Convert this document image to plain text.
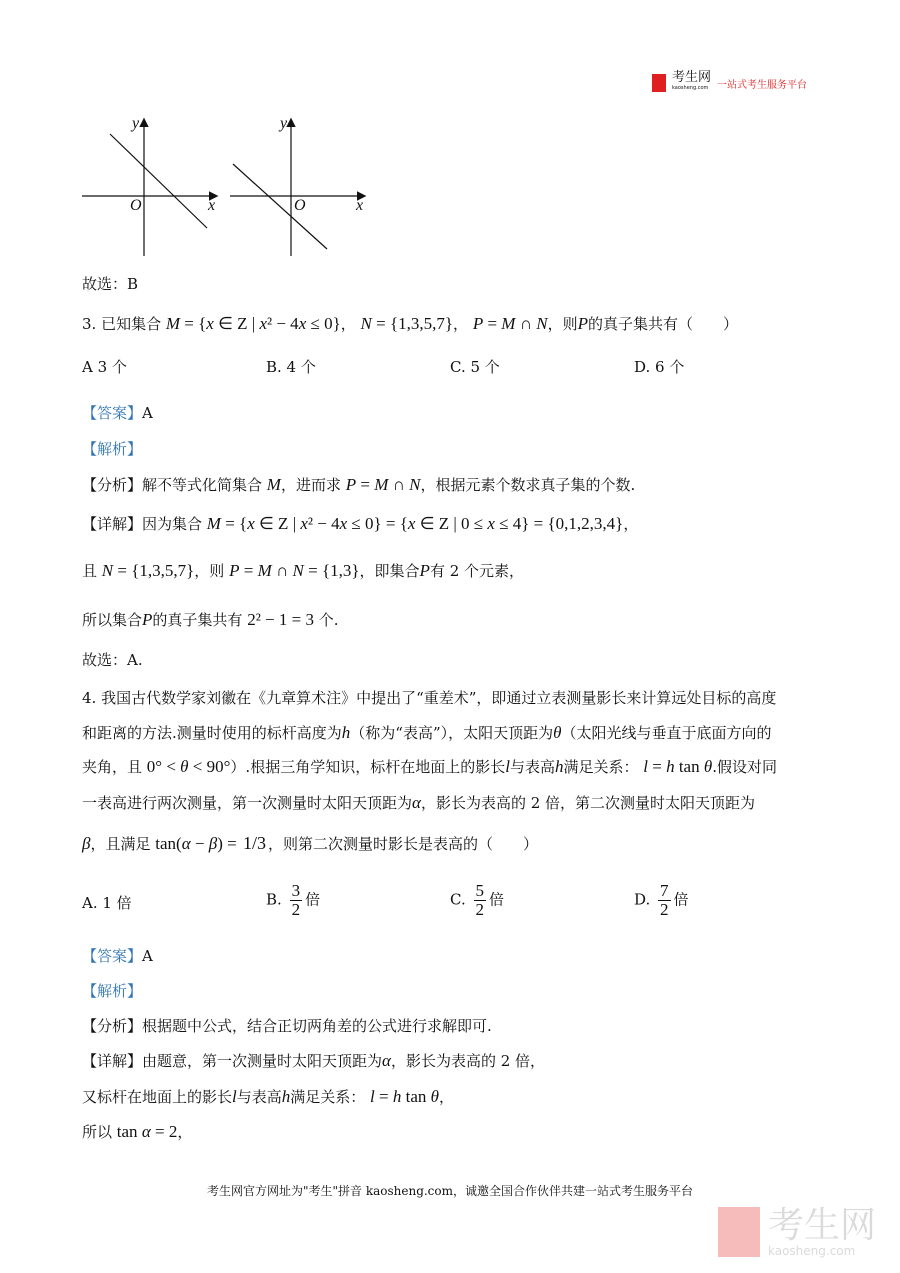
考生网
kaosheng.com 一站式考生服务平台
y
x
O
y
x
O
故选：B
3. 已知集合 M = {x ∈ Z | x² − 4x ≤ 0}， N = {1,3,5,7}， P = M ∩ N，则P的真子集共有（　　）
【答案】A
【解析】
【分析】解不等式化简集合 M，进而求 P = M ∩ N，根据元素个数求真子集的个数.
【详解】因为集合 M = {x ∈ Z | x² − 4x ≤ 0} = {x ∈ Z | 0 ≤ x ≤ 4} = {0,1,2,3,4}，
且 N = {1,3,5,7}，则 P = M ∩ N = {1,3}，即集合P有 2 个元素，
所以集合P的真子集共有 2² − 1 = 3 个.
故选：A.
4. 我国古代数学家刘徽在《九章算术注》中提出了“重差术”，即通过立表测量影长来计算远处目标的高度
和距离的方法.测量时使用的标杆高度为h（称为“表高”），太阳天顶距为θ（太阳光线与垂直于底面方向的
夹角，且 0° < θ < 90°）.根据三角学知识，标杆在地面上的影长l与表高h满足关系： l = h tan θ.假设对同
一表高进行两次测量，第一次测量时太阳天顶距为α，影长为表高的 2 倍，第二次测量时太阳天顶距为
β，且满足 tan(α − β) = 1/3 ，则第二次测量时影长是表高的（　　）
【答案】A
【解析】
【分析】根据题中公式，结合正切两角差的公式进行求解即可.
【详解】由题意，第一次测量时太阳天顶距为α，影长为表高的 2 倍，
又标杆在地面上的影长l与表高h满足关系： l = h tan θ，
所以 tan α = 2，
A 3 个	B. 4 个	C. 5 个	D. 6 个
A. 1 倍	B. $\frac{3}{2}$ 倍	C. $\frac{5}{2}$ 倍	D. $\frac{7}{2}$ 倍
考生网官方网址为"考生"拼音 kaosheng.com，诚邀全国合作伙伴共建一站式考生服务平台
考生网
kaosheng.com
